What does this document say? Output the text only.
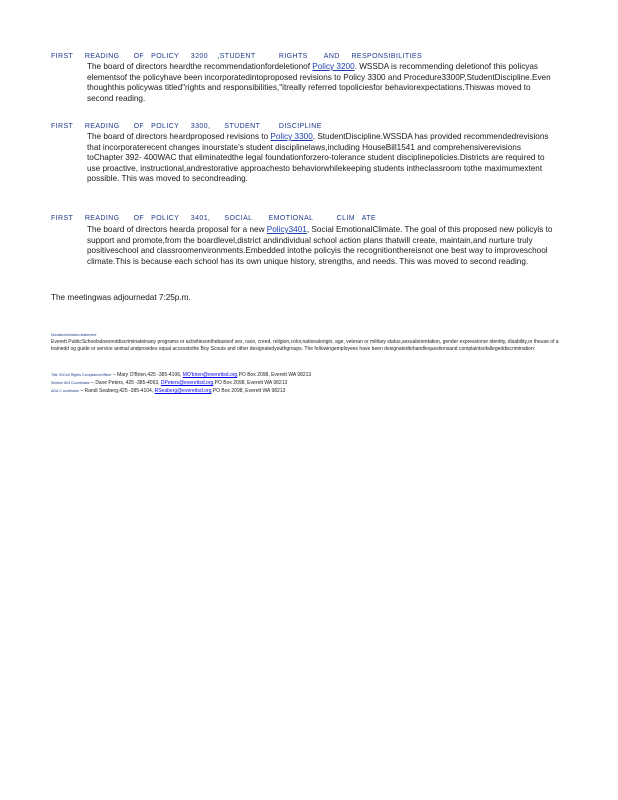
FIRST     READING      OF   POLICY     3200    ,STUDENT          RIGHTS       AND     RESPONSIBILITIES
The board of directors heardthe recommendationfordeletionof Policy 3200. WSSDA is recommending deletionof this policyas elementsof the policyhave been incorporatedintoproposed revisions to Policy 3300 and Procedure3300P,StudentDiscipline.Even thoughthis policywas titled"rights and responsibilities,"itreally referred topoliciesfor behaviorexpectations.Thiswas moved to second reading.
FIRST     READING      OF   POLICY     3300,      STUDENT        DISCIPLINE
The board of directors heardproposed revisions to Policy 3300, StudentDiscipline.WSSDA has provided recommendedrevisions that incorporaterecent changes inourstate's student disciplinelaws,including HouseBill1541 and comprehensiverevisions toChapter 392- 400WAC that eliminatedthe legal foundationforzero-tolerance student disciplinepolicies.Districts are required to use proactive, instructional,andrestorative approachesto behaviorwhilekeeping students intheclassroom tothe maximumextent possible. This was moved to secondreading.
FIRST     READING      OF   POLICY     3401,      SOCIAL       EMOTIONAL          CLIM   ATE
The board of directors hearda proposal for a new Policy3401, Social EmotionalClimate. The goal of this proposed new policyis to support and promote,from the boardlevel,district andindividual school action plans thatwill create, maintain,and nurture truly positiveschool and classroomenvironments.Embedded intothe policyis the recognitionthereisnot one best way to improveschool climate.This is because each school has its own unique history, strengths, and needs. This was moved to second reading.
The meetingwas adjournedat 7:25p.m.
Nondiscrimination statement
Everett PublicSchoolsdoesnotdiscriminateinany programs or activitiesonthebasisof sex, race, creed, religion,color,nationalorigin, age, veteran or military status,sexualorientation, gender expressionor identity, disability,or theuse of a trainedd og guide or service animal andprovides equal accesstothe Boy Scouts and other designatedyouthgroups. The followingemployees have been designatedtohandlequestionsand complaintsofallegeddiscrimination:
Title IX/Civil Rights ComplianceOfficer – Mary O'Brien,425 -385-4106, MO'brien@everettsd.org,PO Box 2098, Everett WA 98213
Section 504 Coordinator – Dave Peters, 425 -385-4063, DPeters@everettsd.org,PO Box 2098, Everett WA 98213
ADA C oordinator – Randi Seaberg,425 -385-4104, RSeaberg@everettsd.org,PO Box 2098, Everett WA 98213
